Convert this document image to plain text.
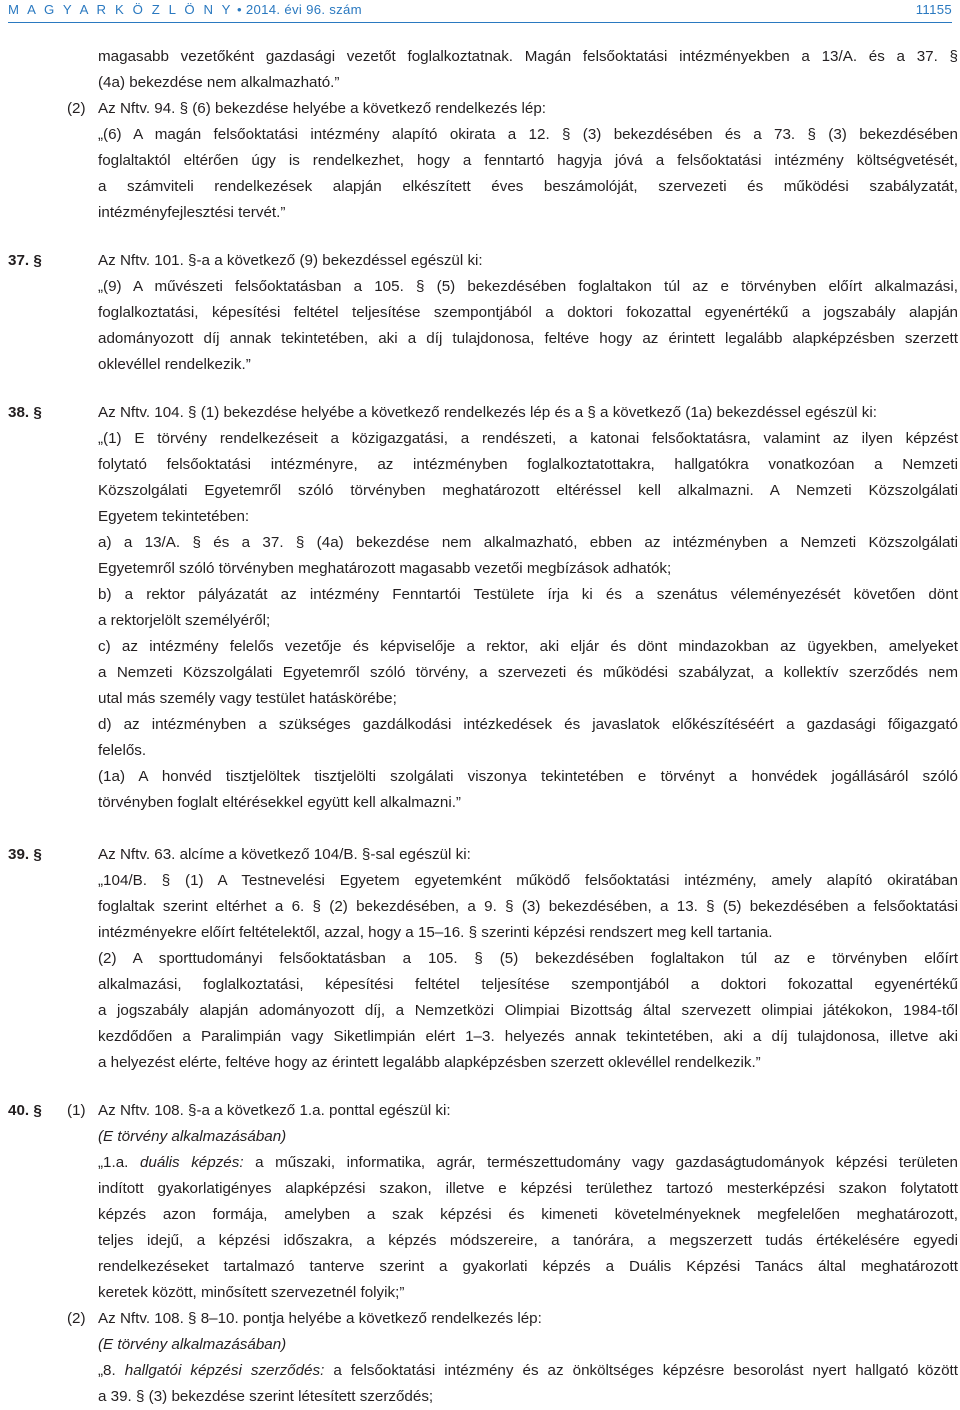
M A G Y A R K Ö Z L Ö N Y • 2014. évi 96. szám	11155
magasabb vezetőként gazdasági vezetőt foglalkoztatnak. Magán felsőoktatási intézményekben a 13/A. és a 37. §
(4a) bekezdése nem alkalmazható.”
(2) Az Nftv. 94. § (6) bekezdése helyébe a következő rendelkezés lép:
„(6) A magán felsőoktatási intézmény alapító okirata a 12. § (3) bekezdésében és a 73. § (3) bekezdésében
foglaltaktól eltérően úgy is rendelkezhet, hogy a fenntartó hagyja jóvá a felsőoktatási intézmény költségvetését,
a számviteli rendelkezések alapján elkészített éves beszámolóját, szervezeti és működési szabályzatát,
intézményfejlesztési tervét.”
37. §	Az Nftv. 101. §-a a következő (9) bekezdéssel egészül ki:
„(9) A művészeti felsőoktatásban a 105. § (5) bekezdésében foglaltakon túl az e törvényben előírt alkalmazási,
foglalkoztatási, képesítési feltétel teljesítése szempontjából a doktori fokozattal egyenértékű a jogszabály alapján
adományozott díj annak tekintetében, aki a díj tulajdonosa, feltéve hogy az érintett legalább alapképzésben szerzett
oklevéllel rendelkezik.”
38. §	Az Nftv. 104. § (1) bekezdése helyébe a következő rendelkezés lép és a § a következő (1a) bekezdéssel egészül ki:
„(1) E törvény rendelkezéseit a közigazgatási, a rendészeti, a katonai felsőoktatásra, valamint az ilyen képzést
folytató felsőoktatási intézményre, az intézményben foglalkoztatottakra, hallgatókra vonatkozóan a Nemzeti
Közszolgálati Egyetemről szóló törvényben meghatározott eltéréssel kell alkalmazni. A Nemzeti Közszolgálati
Egyetem tekintetében:
a) a 13/A. § és a 37. § (4a) bekezdése nem alkalmazható, ebben az intézményben a Nemzeti Közszolgálati
Egyetemről szóló törvényben meghatározott magasabb vezetői megbízások adhatók;
b) a rektor pályázatát az intézmény Fenntartói Testülete írja ki és a szenátus véleményezését követően dönt
a rektorjelölt személyéről;
c) az intézmény felelős vezetője és képviselője a rektor, aki eljár és dönt mindazokban az ügyekben, amelyeket
a Nemzeti Közszolgálati Egyetemről szóló törvény, a szervezeti és működési szabályzat, a kollektív szerződés nem
utal más személy vagy testület hatáskörébe;
d) az intézményben a szükséges gazdálkodási intézkedések és javaslatok előkészítéséért a gazdasági főigazgató
felelős.
(1a) A honvéd tisztjelöltek tisztjelölti szolgálati viszonya tekintetében e törvényt a honvédek jogállásáról szóló
törvényben foglalt eltérésekkel együtt kell alkalmazni.”
39. §	Az Nftv. 63. alcíme a következő 104/B. §-sal egészül ki:
„104/B. § (1) A Testnevelési Egyetem egyetemként működő felsőoktatási intézmény, amely alapító okiratában
foglaltak szerint eltérhet a 6. § (2) bekezdésében, a 9. § (3) bekezdésében, a 13. § (5) bekezdésében a felsőoktatási
intézményekre előírt feltételektől, azzal, hogy a 15–16. § szerinti képzési rendszert meg kell tartania.
(2) A sporttudományi felsőoktatásban a 105. § (5) bekezdésében foglaltakon túl az e törvényben előírt
alkalmazási, foglalkoztatási, képesítési feltétel teljesítése szempontjából a doktori fokozattal egyenértékű
a jogszabály alapján adományozott díj, a Nemzetközi Olimpiai Bizottság által szervezett olimpiai játékokon, 1984-től
kezdődően a Paralimpián vagy Siketlimpián elért 1–3. helyezés annak tekintetében, aki a díj tulajdonosa, illetve aki
a helyezést elérte, feltéve hogy az érintett legalább alapképzésben szerzett oklevéllel rendelkezik.”
40. § (1) Az Nftv. 108. §-a a következő 1.a. ponttal egészül ki:
(E törvény alkalmazásában)
„1.a. duális képzés: a műszaki, informatika, agrár, természettudomány vagy gazdaságtudományok képzési területen
indított gyakorlatigényes alapképzési szakon, illetve e képzési területhez tartozó mesterképzési szakon folytatott
képzés azon formája, amelyben a szak képzési és kimeneti követelményeknek megfelelően meghatározott,
teljes idejű, a képzési időszakra, a képzés módszereire, a tanórára, a megszerzett tudás értékelésére egyedi
rendelkezéseket tartalmazó tanterve szerint a gyakorlati képzés a Duális Képzési Tanács által meghatározott
keretek között, minősített szervezetnél folyik;”
(2) Az Nftv. 108. § 8–10. pontja helyébe a következő rendelkezés lép:
(E törvény alkalmazásában)
„8. hallgatói képzési szerződés: a felsőoktatási intézmény és az önköltséges képzésre besorolást nyert hallgató között
a 39. § (3) bekezdése szerint létesített szerződés;
